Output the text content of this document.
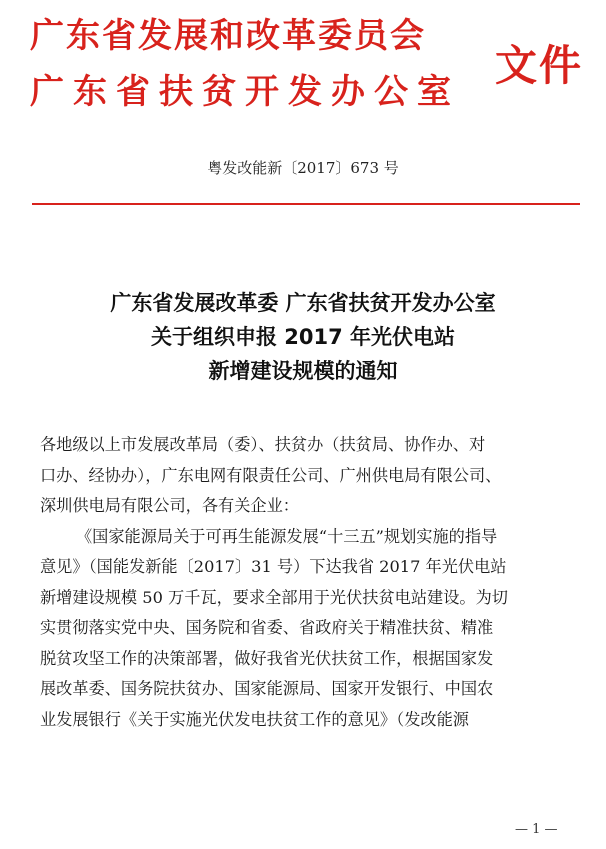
广东省发展和改革委员会
广东省扶贫开发办公室
文件
粤发改能新〔2017〕673 号
广东省发展改革委 广东省扶贫开发办公室
关于组织申报 2017 年光伏电站
新增建设规模的通知
各地级以上市发展改革局（委）、扶贫办（扶贫局、协作办、对
口办、经协办），广东电网有限责任公司、广州供电局有限公司、
深圳供电局有限公司，各有关企业：
《国家能源局关于可再生能源发展“十三五”规划实施的指导
意见》（国能发新能〔2017〕31 号）下达我省 2017 年光伏电站
新增建设规模 50 万千瓦，要求全部用于光伏扶贫电站建设。为切
实贯彻落实党中央、国务院和省委、省政府关于精准扶贫、精准
脱贫攻坚工作的决策部署，做好我省光伏扶贫工作，根据国家发
展改革委、国务院扶贫办、国家能源局、国家开发银行、中国农
业发展银行《关于实施光伏发电扶贫工作的意见》（发改能源
— 1 —
